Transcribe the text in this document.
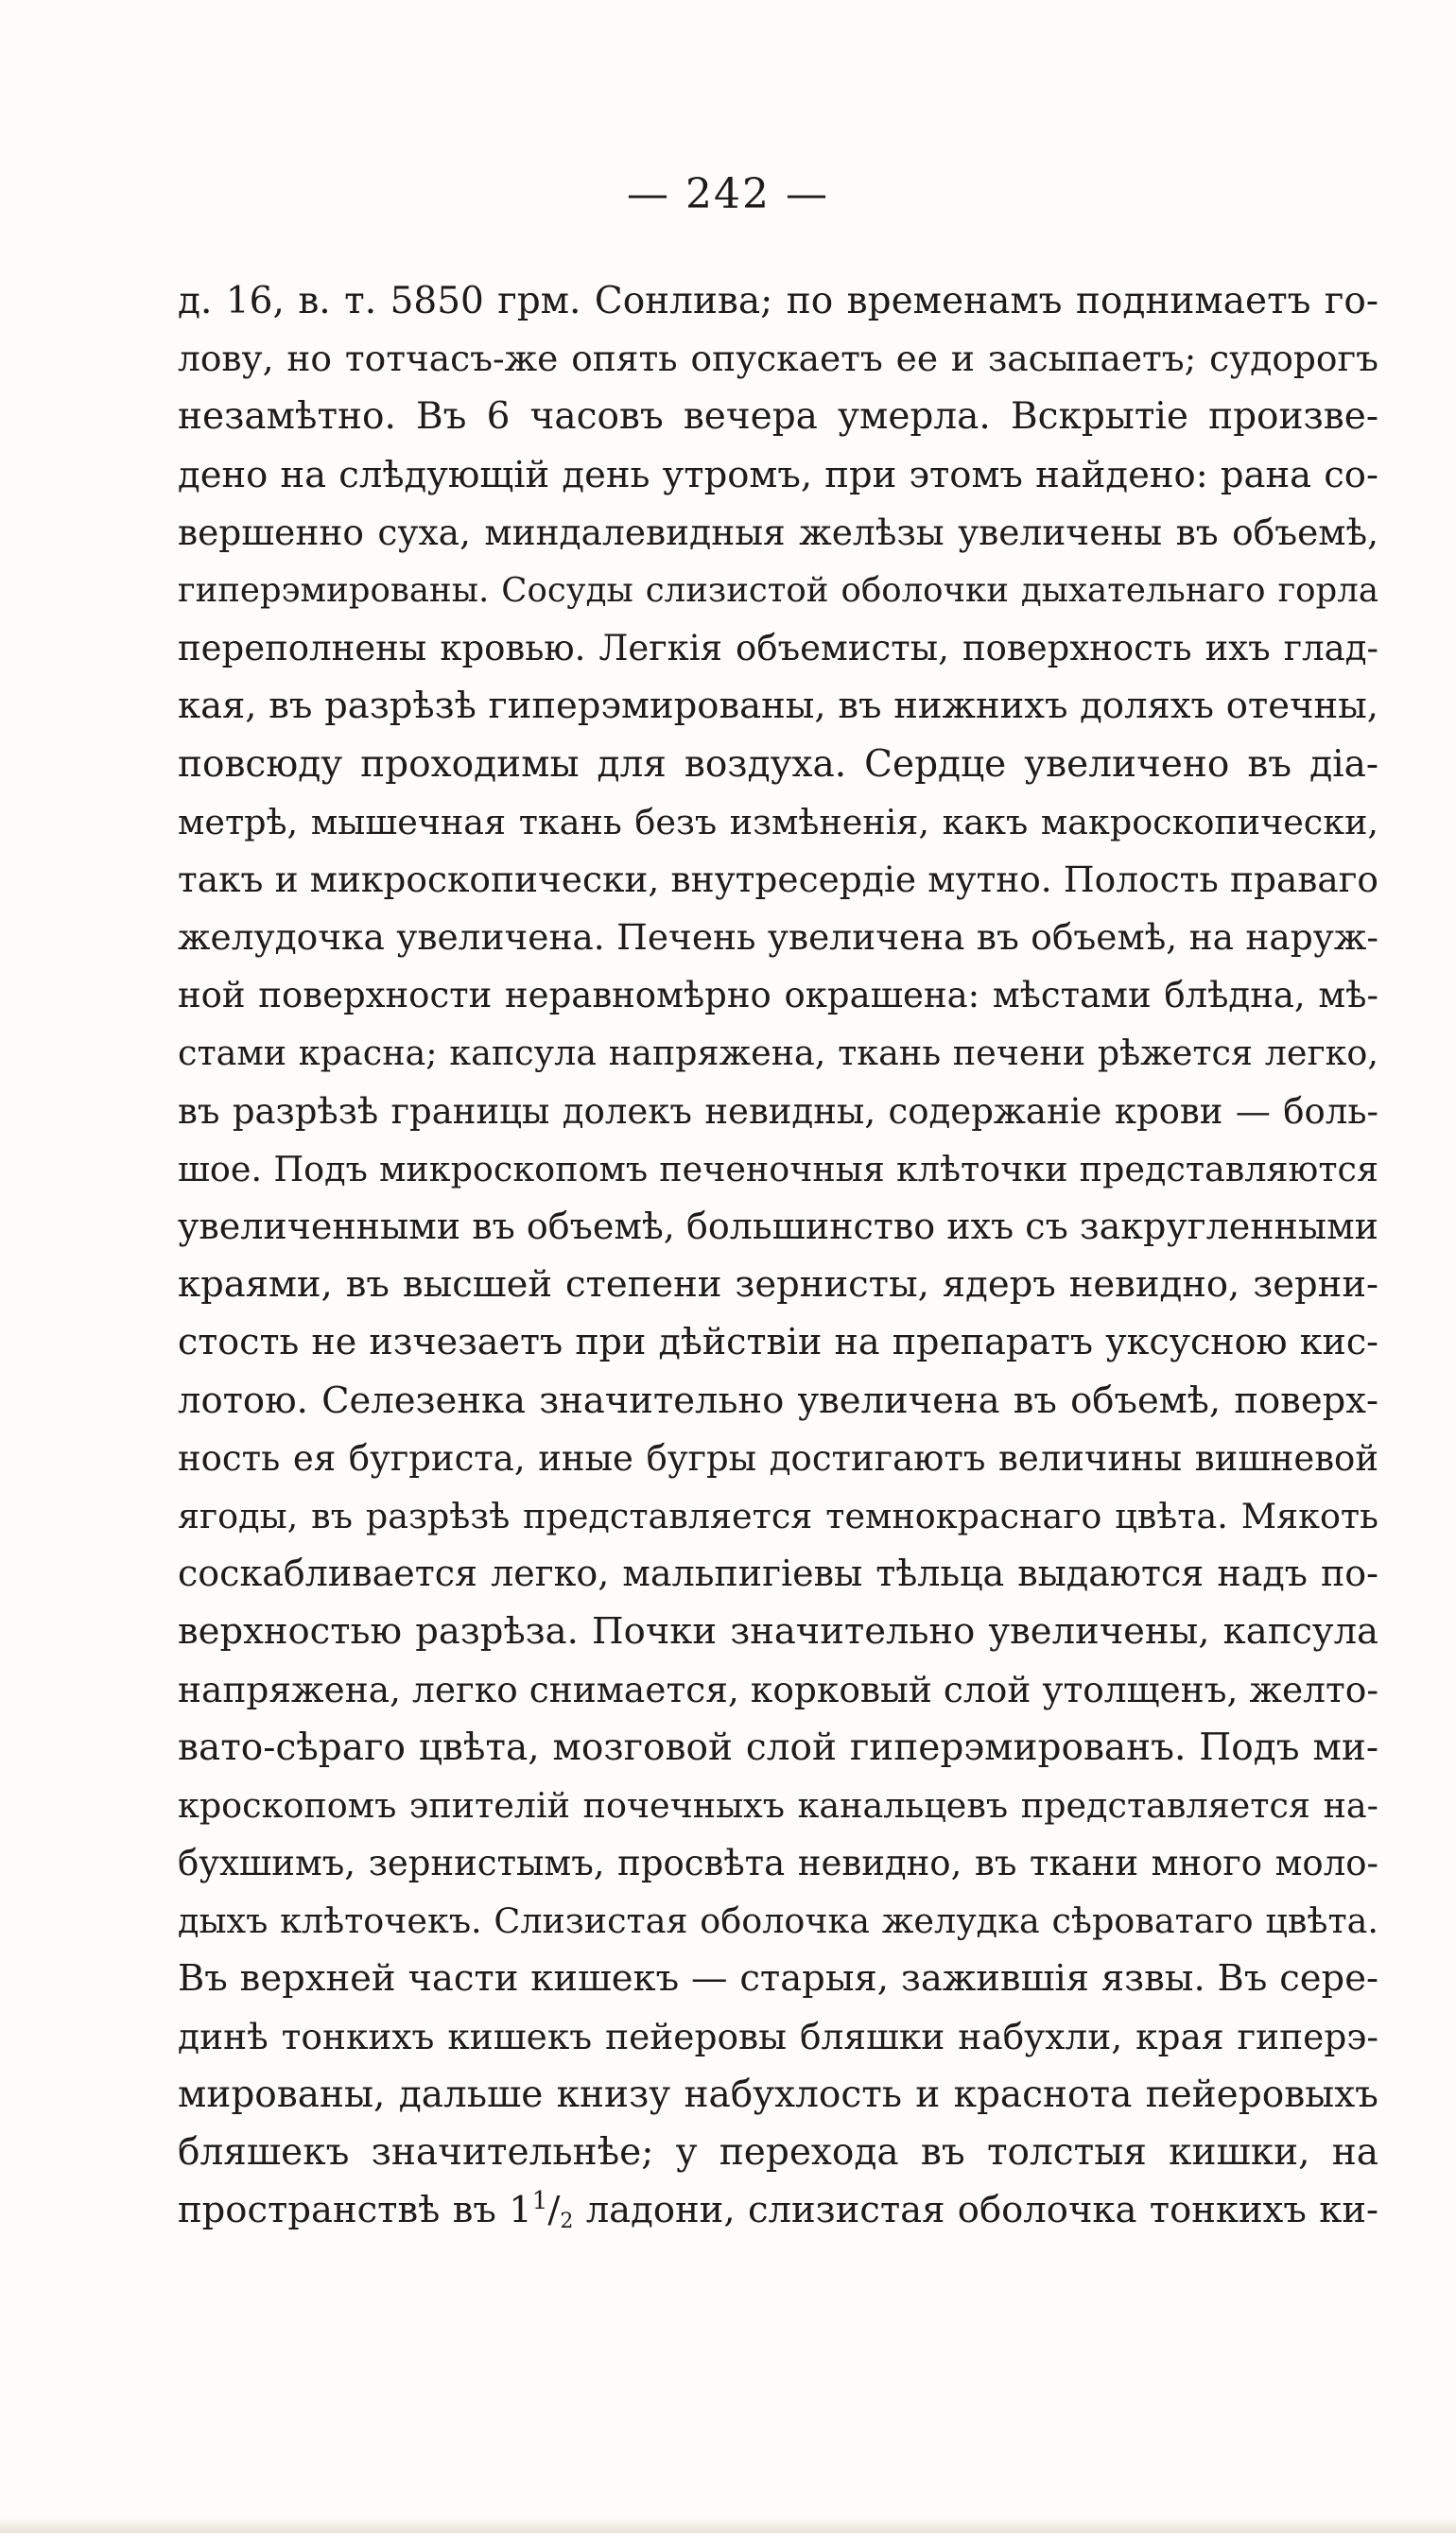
— 242 —
д. 16, в. т. 5850 грм. Сонлива; по временамъ поднимаетъ го-
лову, но тотчасъ-же опять опускаетъ ее и засыпаетъ; судорогъ
незамѣтно. Въ 6 часовъ вечера умерла. Вскрытіе произве-
дено на слѣдующій день утромъ, при этомъ найдено: рана со-
вершенно суха, миндалевидныя желѣзы увеличены въ объемѣ,
гиперэмированы. Сосуды слизистой оболочки дыхательнаго горла
переполнены кровью. Легкія объемисты, поверхность ихъ глад-
кая, въ разрѣзѣ гиперэмированы, въ нижнихъ доляхъ отечны,
повсюду проходимы для воздуха. Сердце увеличено въ діа-
метрѣ, мышечная ткань безъ измѣненія, какъ макроскопически,
такъ и микроскопически, внутресердіе мутно. Полость праваго
желудочка увеличена. Печень увеличена въ объемѣ, на наруж-
ной поверхности неравномѣрно окрашена: мѣстами блѣдна, мѣ-
стами красна; капсула напряжена, ткань печени рѣжется легко,
въ разрѣзѣ границы долекъ невидны, содержаніе крови — боль-
шое. Подъ микроскопомъ печеночныя клѣточки представляются
увеличенными въ объемѣ, большинство ихъ съ закругленными
краями, въ высшей степени зернисты, ядеръ невидно, зерни-
стость не изчезаетъ при дѣйствіи на препаратъ уксусною кис-
лотою. Селезенка значительно увеличена въ объемѣ, поверх-
ность ея бугриста, иные бугры достигаютъ величины вишневой
ягоды, въ разрѣзѣ представляется темнокраснаго цвѣта. Мякоть
соскабливается легко, мальпигіевы тѣльца выдаются надъ по-
верхностью разрѣза. Почки значительно увеличены, капсула
напряжена, легко снимается, корковый слой утолщенъ, желто-
вато-сѣраго цвѣта, мозговой слой гиперэмированъ. Подъ ми-
кроскопомъ эпителій почечныхъ канальцевъ представляется на-
бухшимъ, зернистымъ, просвѣта невидно, въ ткани много моло-
дыхъ клѣточекъ. Слизистая оболочка желудка сѣроватаго цвѣта.
Въ верхней части кишекъ — старыя, зажившія язвы. Въ сере-
динѣ тонкихъ кишекъ пейеровы бляшки набухли, края гиперэ-
мированы, дальше книзу набухлость и краснота пейеровыхъ
бляшекъ значительнѣе; у перехода въ толстыя кишки, на
пространствѣ въ $1^1/_2$ ладони, слизистая оболочка тонкихъ ки-
